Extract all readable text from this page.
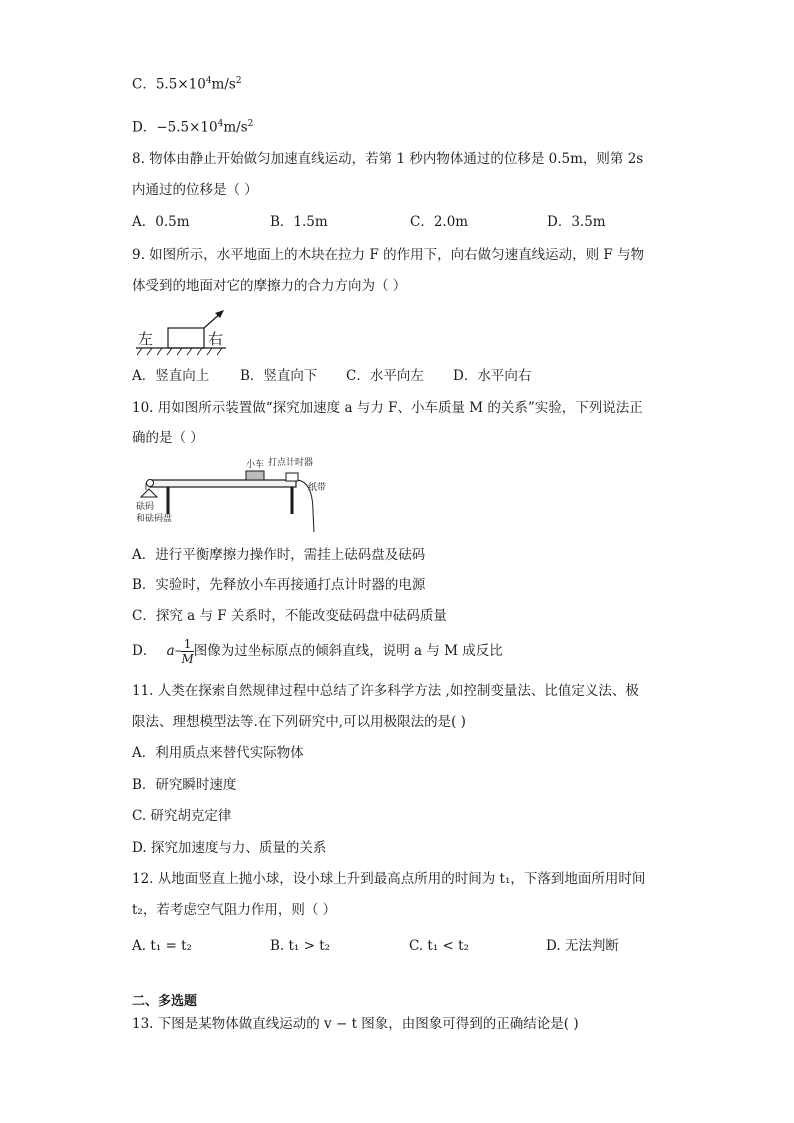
C．$5.5\times 10^4m/s^2$
D．$-5.5\times 10^4m/s^2$
8. 物体由静止开始做匀加速直线运动，若第 1 秒内物体通过的位移是 0.5m，则第 2s
内通过的位移是（ ）
A．0.5m	B．1.5m	C．2.0m	D．3.5m
9. 如图所示，水平地面上的木块在拉力 F 的作用下，向右做匀速直线运动，则 F 与物
体受到的地面对它的摩擦力的合力方向为（ ）
左	右
A．竖直向上 B．竖直向下 C．水平向左 D．水平向右
10. 用如图所示装置做“探究加速度 a 与力 F、小车质量 M 的关系”实验，下列说法正
确的是（ ）
小车 打点计时器
纸带
砝码
和砝码盘
A．进行平衡摩擦力操作时，需挂上砝码盘及砝码
B．实验时，先释放小车再接通打点计时器的电源
C．探究 a 与 F 关系时，不能改变砝码盘中砝码质量
D． $a- \frac{1}{M}$ 图像为过坐标原点的倾斜直线，说明 a 与 M 成反比
11. 人类在探索自然规律过程中总结了许多科学方法 ,如控制变量法、比值定义法、极
限法、理想模型法等.在下列研究中,可以用极限法的是( )
A．利用质点来替代实际物体
B．研究瞬时速度
C. 研究胡克定律
D. 探究加速度与力、质量的关系
12. 从地面竖直上抛小球，设小球上升到最高点所用的时间为 t₁，下落到地面所用时间
t₂，若考虑空气阻力作用，则（ ）
A. t₁ = t₂	B. t₁ > t₂	C. t₁ < t₂	D. 无法判断
二、多选题
13. 下图是某物体做直线运动的 v − t 图象，由图象可得到的正确结论是( )
